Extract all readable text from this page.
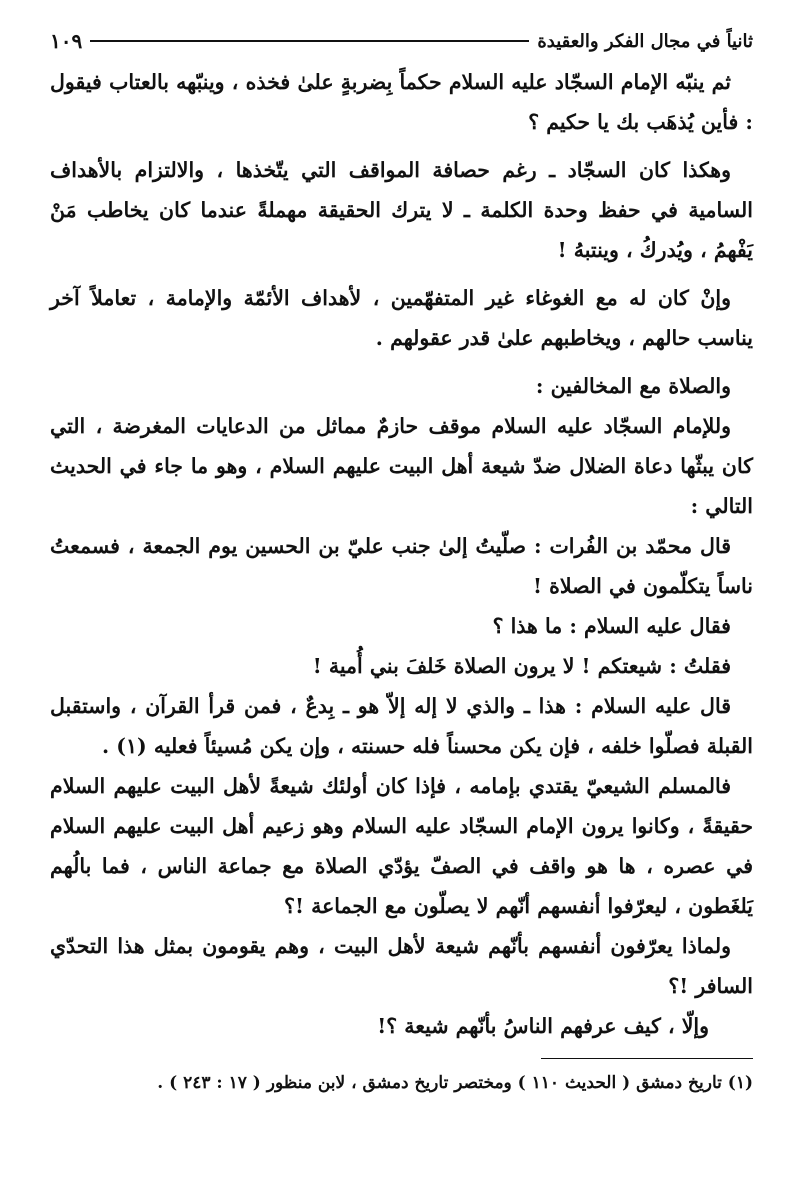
ثانياً في مجال الفكر والعقيدة
١٠٩

ثم ينبّه الإمام السجّاد عليه السلام حكماً بِضربةٍ علىٰ فخذه ، وينبّهه بالعتاب فيقول : فأين يُذهَب بك يا حكيم ؟

وهكذا كان السجّاد ـ رغم حصافة المواقف التي يتّخذها ، والالتزام بالأهداف السامية في حفظ وحدة الكلمة ـ لا يترك الحقيقة مهملةً عندما كان يخاطب مَنْ يَفْهمُ ، ويُدركُ ، وينتبهُ !

وإنْ كان له مع الغوغاء غير المتفهّمين ، لأهداف الأئمّة والإمامة ، تعاملاً آخر يناسب حالهم ، ويخاطبهم علىٰ قدر عقولهم .

والصلاة مع المخالفين :

وللإمام السجّاد عليه السلام موقف حازمٌ مماثل من الدعايات المغرضة ، التي كان يبثّها دعاة الضلال ضدّ شيعة أهل البيت عليهم السلام ، وهو ما جاء في الحديث التالي :

قال محمّد بن الفُرات : صلّيتُ إلىٰ جنب عليّ بن الحسين يوم الجمعة ، فسمعتُ ناساً يتكلّمون في الصلاة !

فقال عليه السلام : ما هذا ؟

فقلتُ : شيعتكم ! لا يرون الصلاة خَلفَ بني أُمية !

قال عليه السلام : هذا ـ والذي لا إله إلاّ هو ـ بِدعٌ ، فمن قرأ القرآن ، واستقبل القبلة فصلّوا خلفه ، فإن يكن محسناً فله حسنته ، وإن يكن مُسيئاً فعليه (١) .

فالمسلم الشيعيّ يقتدي بإمامه ، فإذا كان أولئك شيعةً لأهل البيت عليهم السلام حقيقةً ، وكانوا يرون الإمام السجّاد عليه السلام وهو زعيم أهل البيت عليهم السلام في عصره ، ها هو واقف في الصفّ يؤدّي الصلاة مع جماعة الناس ، فما بالُهم يَلغَطون ، ليعرّفوا أنفسهم أنّهم لا يصلّون مع الجماعة !؟

ولماذا يعرّفون أنفسهم بأنّهم شيعة لأهل البيت ، وهم يقومون بمثل هذا التحدّي السافر !؟

وإلّا ، كيف عرفهم الناسُ بأنّهم شيعة ؟!

(١) تاريخ دمشق ( الحديث ١١٠ ) ومختصر تاريخ دمشق ، لابن منظور ( ١٧ : ٢٤٣ ) .
